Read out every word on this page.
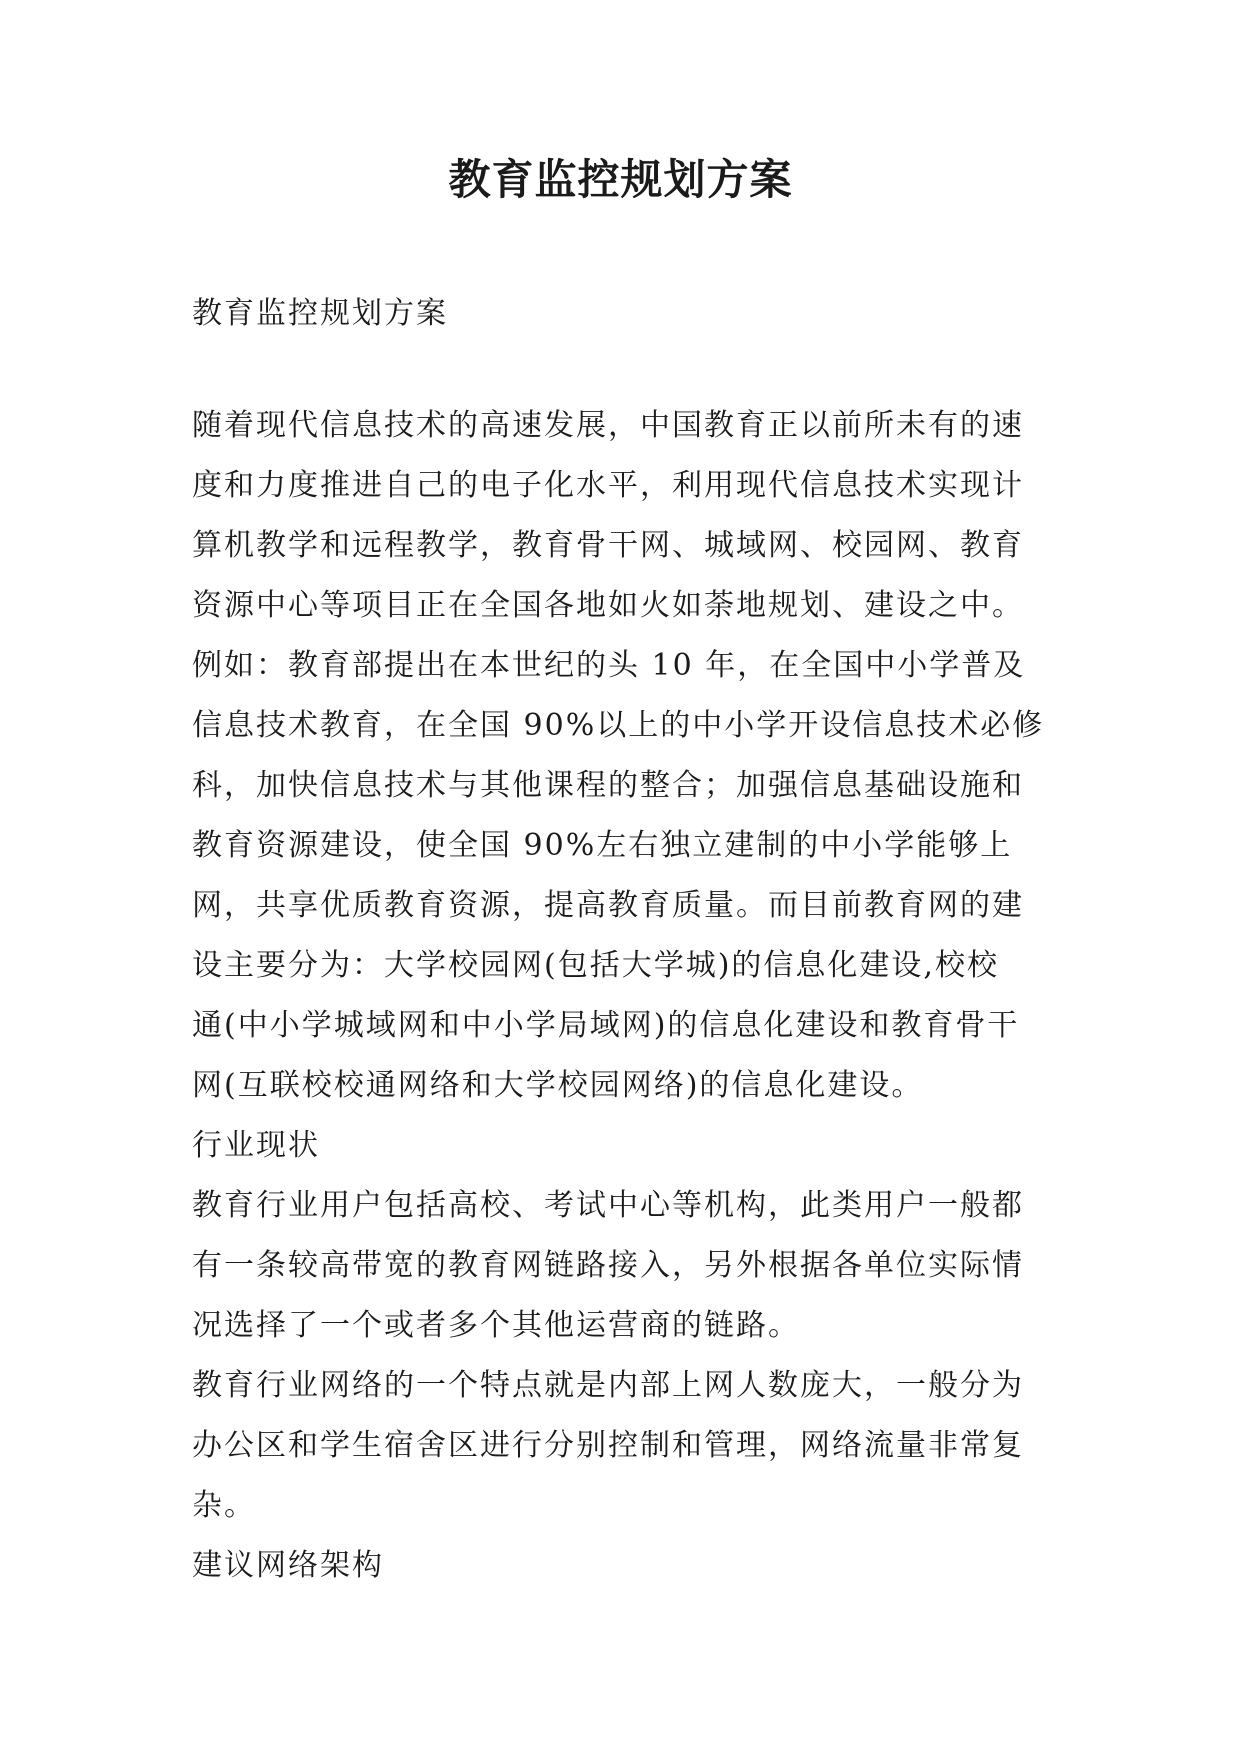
教育监控规划方案
教育监控规划方案
随着现代信息技术的高速发展，中国教育正以前所未有的速
度和力度推进自己的电子化水平，利用现代信息技术实现计
算机教学和远程教学，教育骨干网、城域网、校园网、教育
资源中心等项目正在全国各地如火如荼地规划、建设之中。
例如：教育部提出在本世纪的头 10 年，在全国中小学普及
信息技术教育，在全国 90%以上的中小学开设信息技术必修
科，加快信息技术与其他课程的整合；加强信息基础设施和
教育资源建设，使全国 90%左右独立建制的中小学能够上
网，共享优质教育资源，提高教育质量。而目前教育网的建
设主要分为：大学校园网(包括大学城)的信息化建设,校校
通(中小学城域网和中小学局域网)的信息化建设和教育骨干
网(互联校校通网络和大学校园网络)的信息化建设。
行业现状
教育行业用户包括高校、考试中心等机构，此类用户一般都
有一条较高带宽的教育网链路接入，另外根据各单位实际情
况选择了一个或者多个其他运营商的链路。
教育行业网络的一个特点就是内部上网人数庞大，一般分为
办公区和学生宿舍区进行分别控制和管理，网络流量非常复
杂。
建议网络架构
